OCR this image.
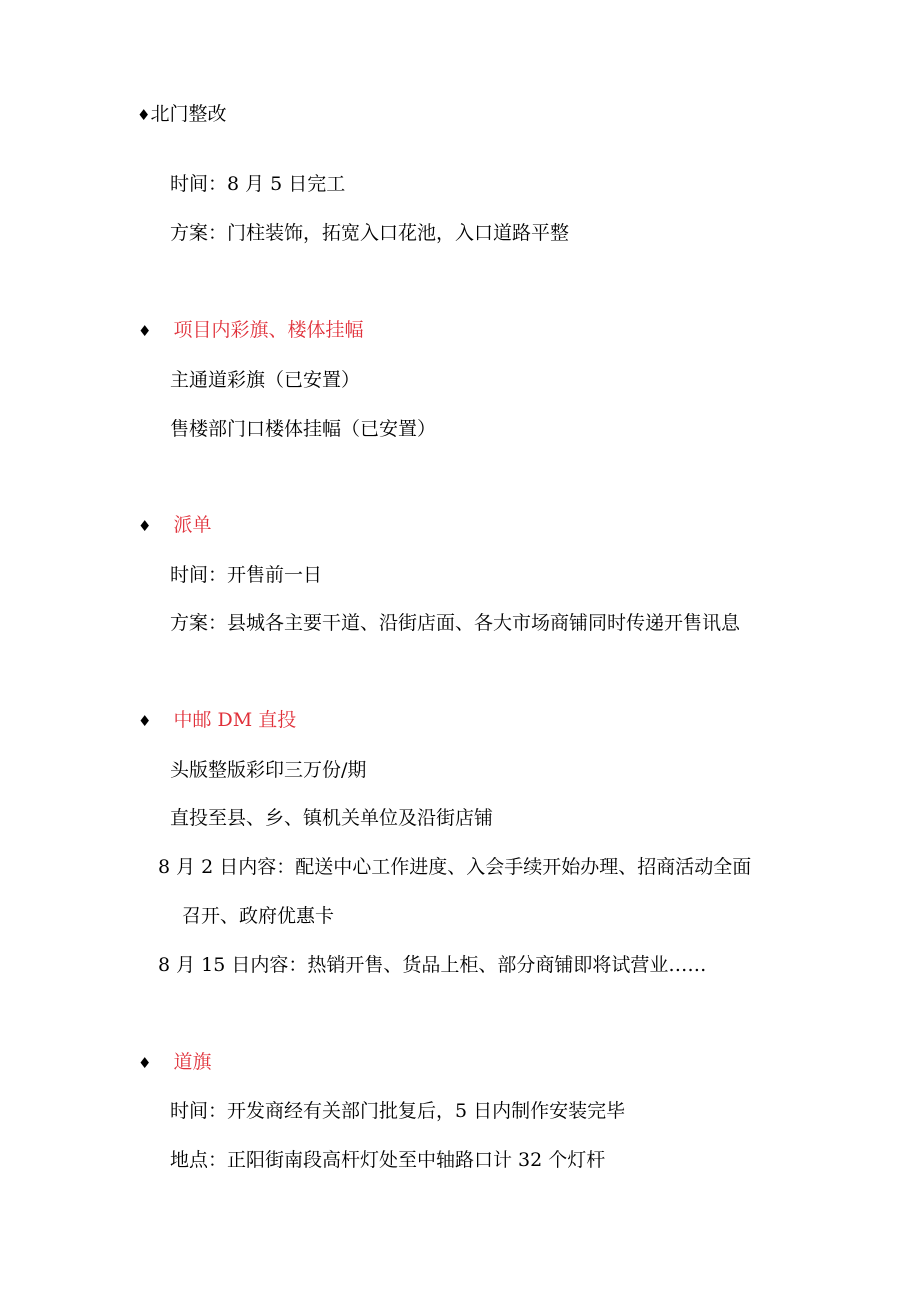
♦北门整改
时间：8 月 5 日完工
方案：门柱装饰，拓宽入口花池，入口道路平整
♦ 项目内彩旗、楼体挂幅
主通道彩旗（已安置）
售楼部门口楼体挂幅（已安置）
♦ 派单
时间：开售前一日
方案：县城各主要干道、沿街店面、各大市场商铺同时传递开售讯息
♦ 中邮 DM 直投
头版整版彩印三万份/期
直投至县、乡、镇机关单位及沿街店铺
8 月 2 日内容：配送中心工作进度、入会手续开始办理、招商活动全面
召开、政府优惠卡
8 月 15 日内容：热销开售、货品上柜、部分商铺即将试营业……
♦ 道旗
时间：开发商经有关部门批复后，5 日内制作安装完毕
地点：正阳街南段高杆灯处至中轴路口计 32 个灯杆
